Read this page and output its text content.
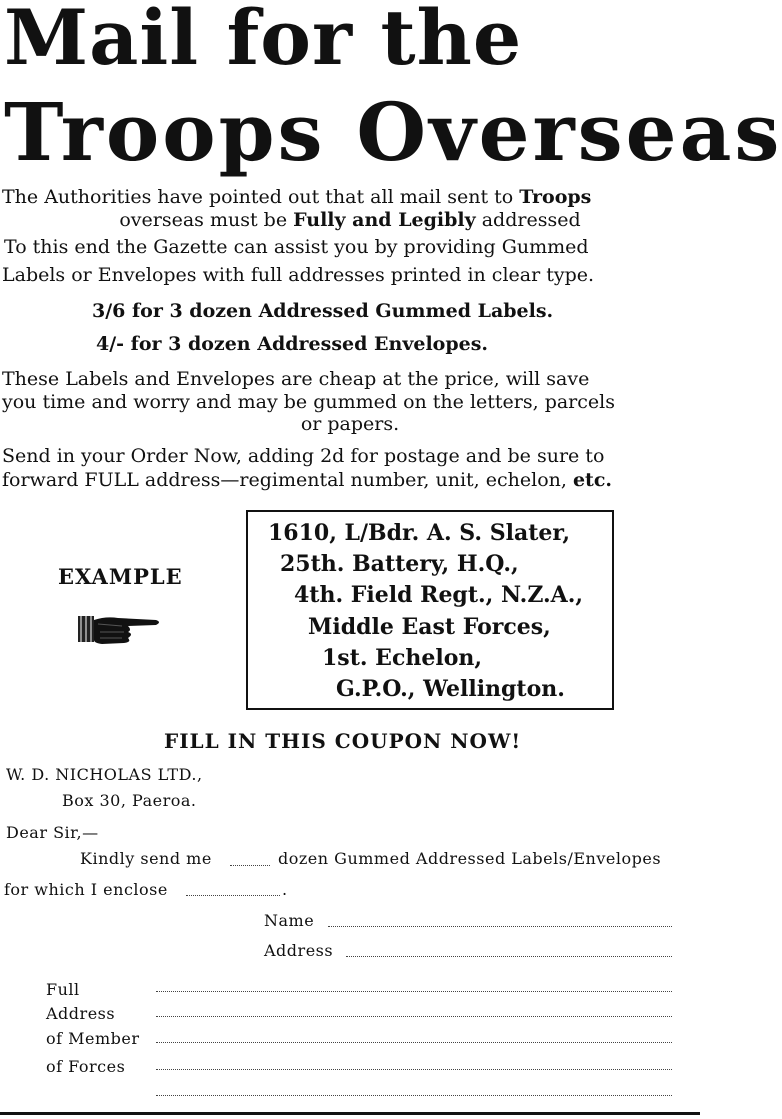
Mail for the
Troops Overseas
The Authorities have pointed out that all mail sent to Troops
overseas must be Fully and Legibly addressed
To this end the Gazette can assist you by providing Gummed
Labels or Envelopes with full addresses printed in clear type.
3/6 for 3 dozen Addressed Gummed Labels.
4/- for 3 dozen Addressed Envelopes.
These Labels and Envelopes are cheap at the price, will save
you time and worry and may be gummed on the letters, parcels
or papers.
Send in your Order Now, adding 2d for postage and be sure to
forward FULL address—regimental number, unit, echelon, etc.
EXAMPLE
1610, L/Bdr. A. S. Slater,
25th. Battery, H.Q.,
4th. Field Regt., N.Z.A.,
Middle East Forces,
1st. Echelon,
G.P.O., Wellington.
FILL IN THIS COUPON NOW!
W. D. NICHOLAS LTD.,
Box 30, Paeroa.
Dear Sir,—
Kindly send me	dozen Gummed Addressed Labels/Envelopes
for which I enclose	.
Name
Address
Full
Address
of Member
of Forces
